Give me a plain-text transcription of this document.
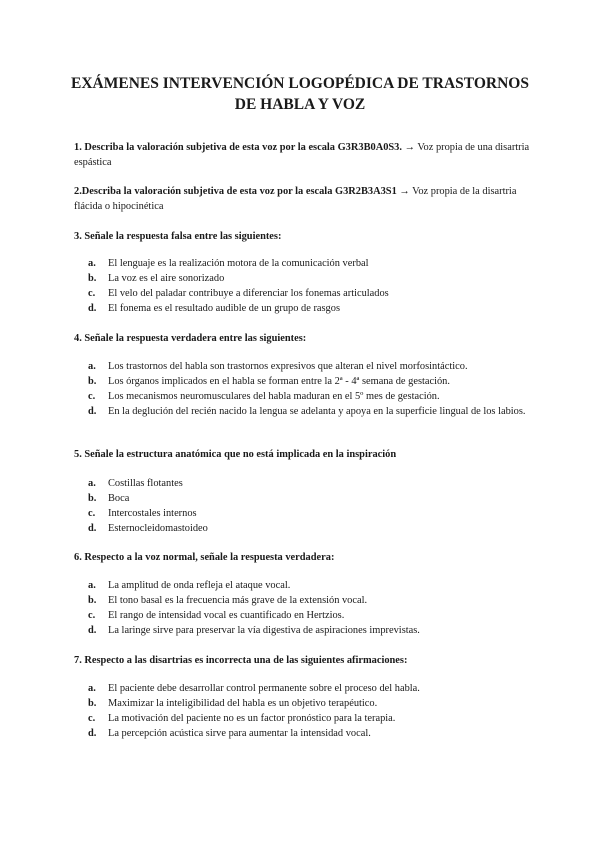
EXÁMENES INTERVENCIÓN LOGOPÉDICA DE TRASTORNOS DE HABLA Y VOZ
1. Describa la valoración subjetiva de esta voz por la escala G3R3B0A0S3. → Voz propia de una disartria espástica
2.Describa la valoración subjetiva de esta voz por la escala G3R2B3A3S1 → Voz propia de la disartria flácida o hipocinética
3. Señale la respuesta falsa entre las siguientes:
a.	El lenguaje es la realización motora de la comunicación verbal
b.	La voz es el aire sonorizado
c.	El velo del paladar contribuye a diferenciar los fonemas articulados
d.	El fonema es el resultado audible de un grupo de rasgos
4. Señale la respuesta verdadera entre las siguientes:
a.	Los trastornos del habla son trastornos expresivos que alteran el nivel morfosintáctico.
b.	Los órganos implicados en el habla se forman entre la 2ª - 4ª semana de gestación.
c.	Los mecanismos neuromusculares del habla maduran en el 5º mes de gestación.
d.	En la deglución del recién nacido la lengua se adelanta y apoya en la superficie lingual de los labios.
5. Señale la estructura anatómica que no está implicada en la inspiración
a.	Costillas flotantes
b.	Boca
c.	Intercostales internos
d.	Esternocleidomastoideo
6. Respecto a la voz normal, señale la respuesta verdadera:
a.	La amplitud de onda refleja el ataque vocal.
b.	El tono basal es la frecuencia más grave de la extensión vocal.
c.	El rango de intensidad vocal es cuantificado en Hertzios.
d.	La laringe sirve para preservar la vía digestiva de aspiraciones imprevistas.
7. Respecto a las disartrias es incorrecta una de las siguientes afirmaciones:
a.	El paciente debe desarrollar control permanente sobre el proceso del habla.
b.	Maximizar la inteligibilidad del habla es un objetivo terapéutico.
c.	La motivación del paciente no es un factor pronóstico para la terapia.
d.	La percepción acústica sirve para aumentar la intensidad vocal.
